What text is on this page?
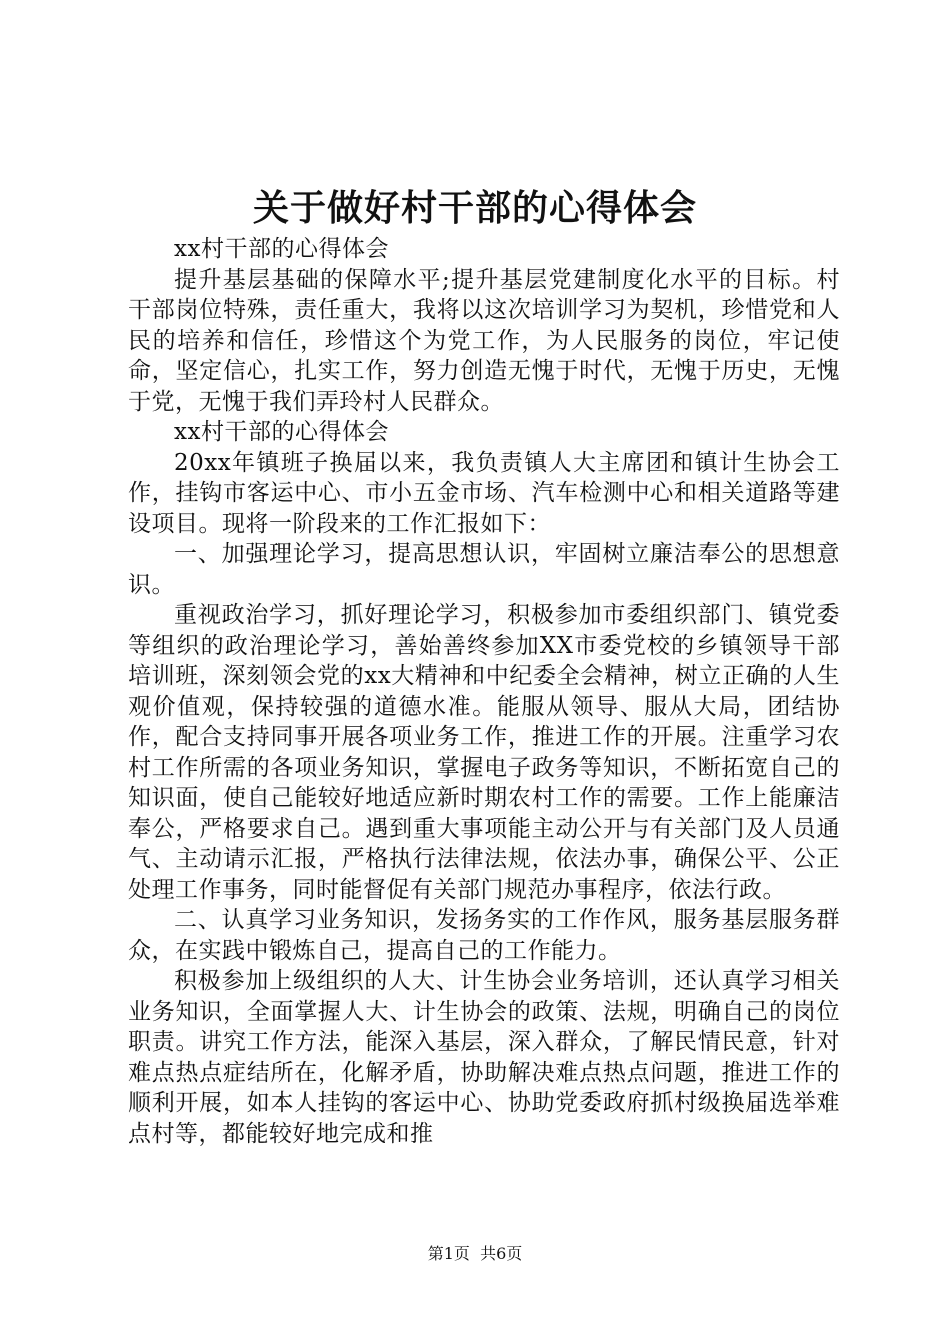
关于做好村干部的心得体会

xx村干部的心得体会

提升基层基础的保障水平;提升基层党建制度化水平的目标。村干部岗位特殊，责任重大，我将以这次培训学习为契机，珍惜党和人民的培养和信任，珍惜这个为党工作，为人民服务的岗位，牢记使命，坚定信心，扎实工作，努力创造无愧于时代，无愧于历史，无愧于党，无愧于我们弄玲村人民群众。

xx村干部的心得体会

20xx年镇班子换届以来，我负责镇人大主席团和镇计生协会工作，挂钩市客运中心、市小五金市场、汽车检测中心和相关道路等建设项目。现将一阶段来的工作汇报如下：

一、加强理论学习，提高思想认识，牢固树立廉洁奉公的思想意识。

重视政治学习，抓好理论学习，积极参加市委组织部门、镇党委等组织的政治理论学习，善始善终参加XX市委党校的乡镇领导干部培训班，深刻领会党的xx大精神和中纪委全会精神，树立正确的人生观价值观，保持较强的道德水准。能服从领导、服从大局，团结协作，配合支持同事开展各项业务工作，推进工作的开展。注重学习农村工作所需的各项业务知识，掌握电子政务等知识，不断拓宽自己的知识面，使自己能较好地适应新时期农村工作的需要。工作上能廉洁奉公，严格要求自己。遇到重大事项能主动公开与有关部门及人员通气、主动请示汇报，严格执行法律法规，依法办事，确保公平、公正处理工作事务，同时能督促有关部门规范办事程序，依法行政。

二、认真学习业务知识，发扬务实的工作作风，服务基层服务群众，在实践中锻炼自己，提高自己的工作能力。

积极参加上级组织的人大、计生协会业务培训，还认真学习相关业务知识，全面掌握人大、计生协会的政策、法规，明确自己的岗位职责。讲究工作方法，能深入基层，深入群众，了解民情民意，针对难点热点症结所在，化解矛盾，协助解决难点热点问题，推进工作的顺利开展，如本人挂钩的客运中心、协助党委政府抓村级换届选举难点村等，都能较好地完成和推

第1页 共6页
